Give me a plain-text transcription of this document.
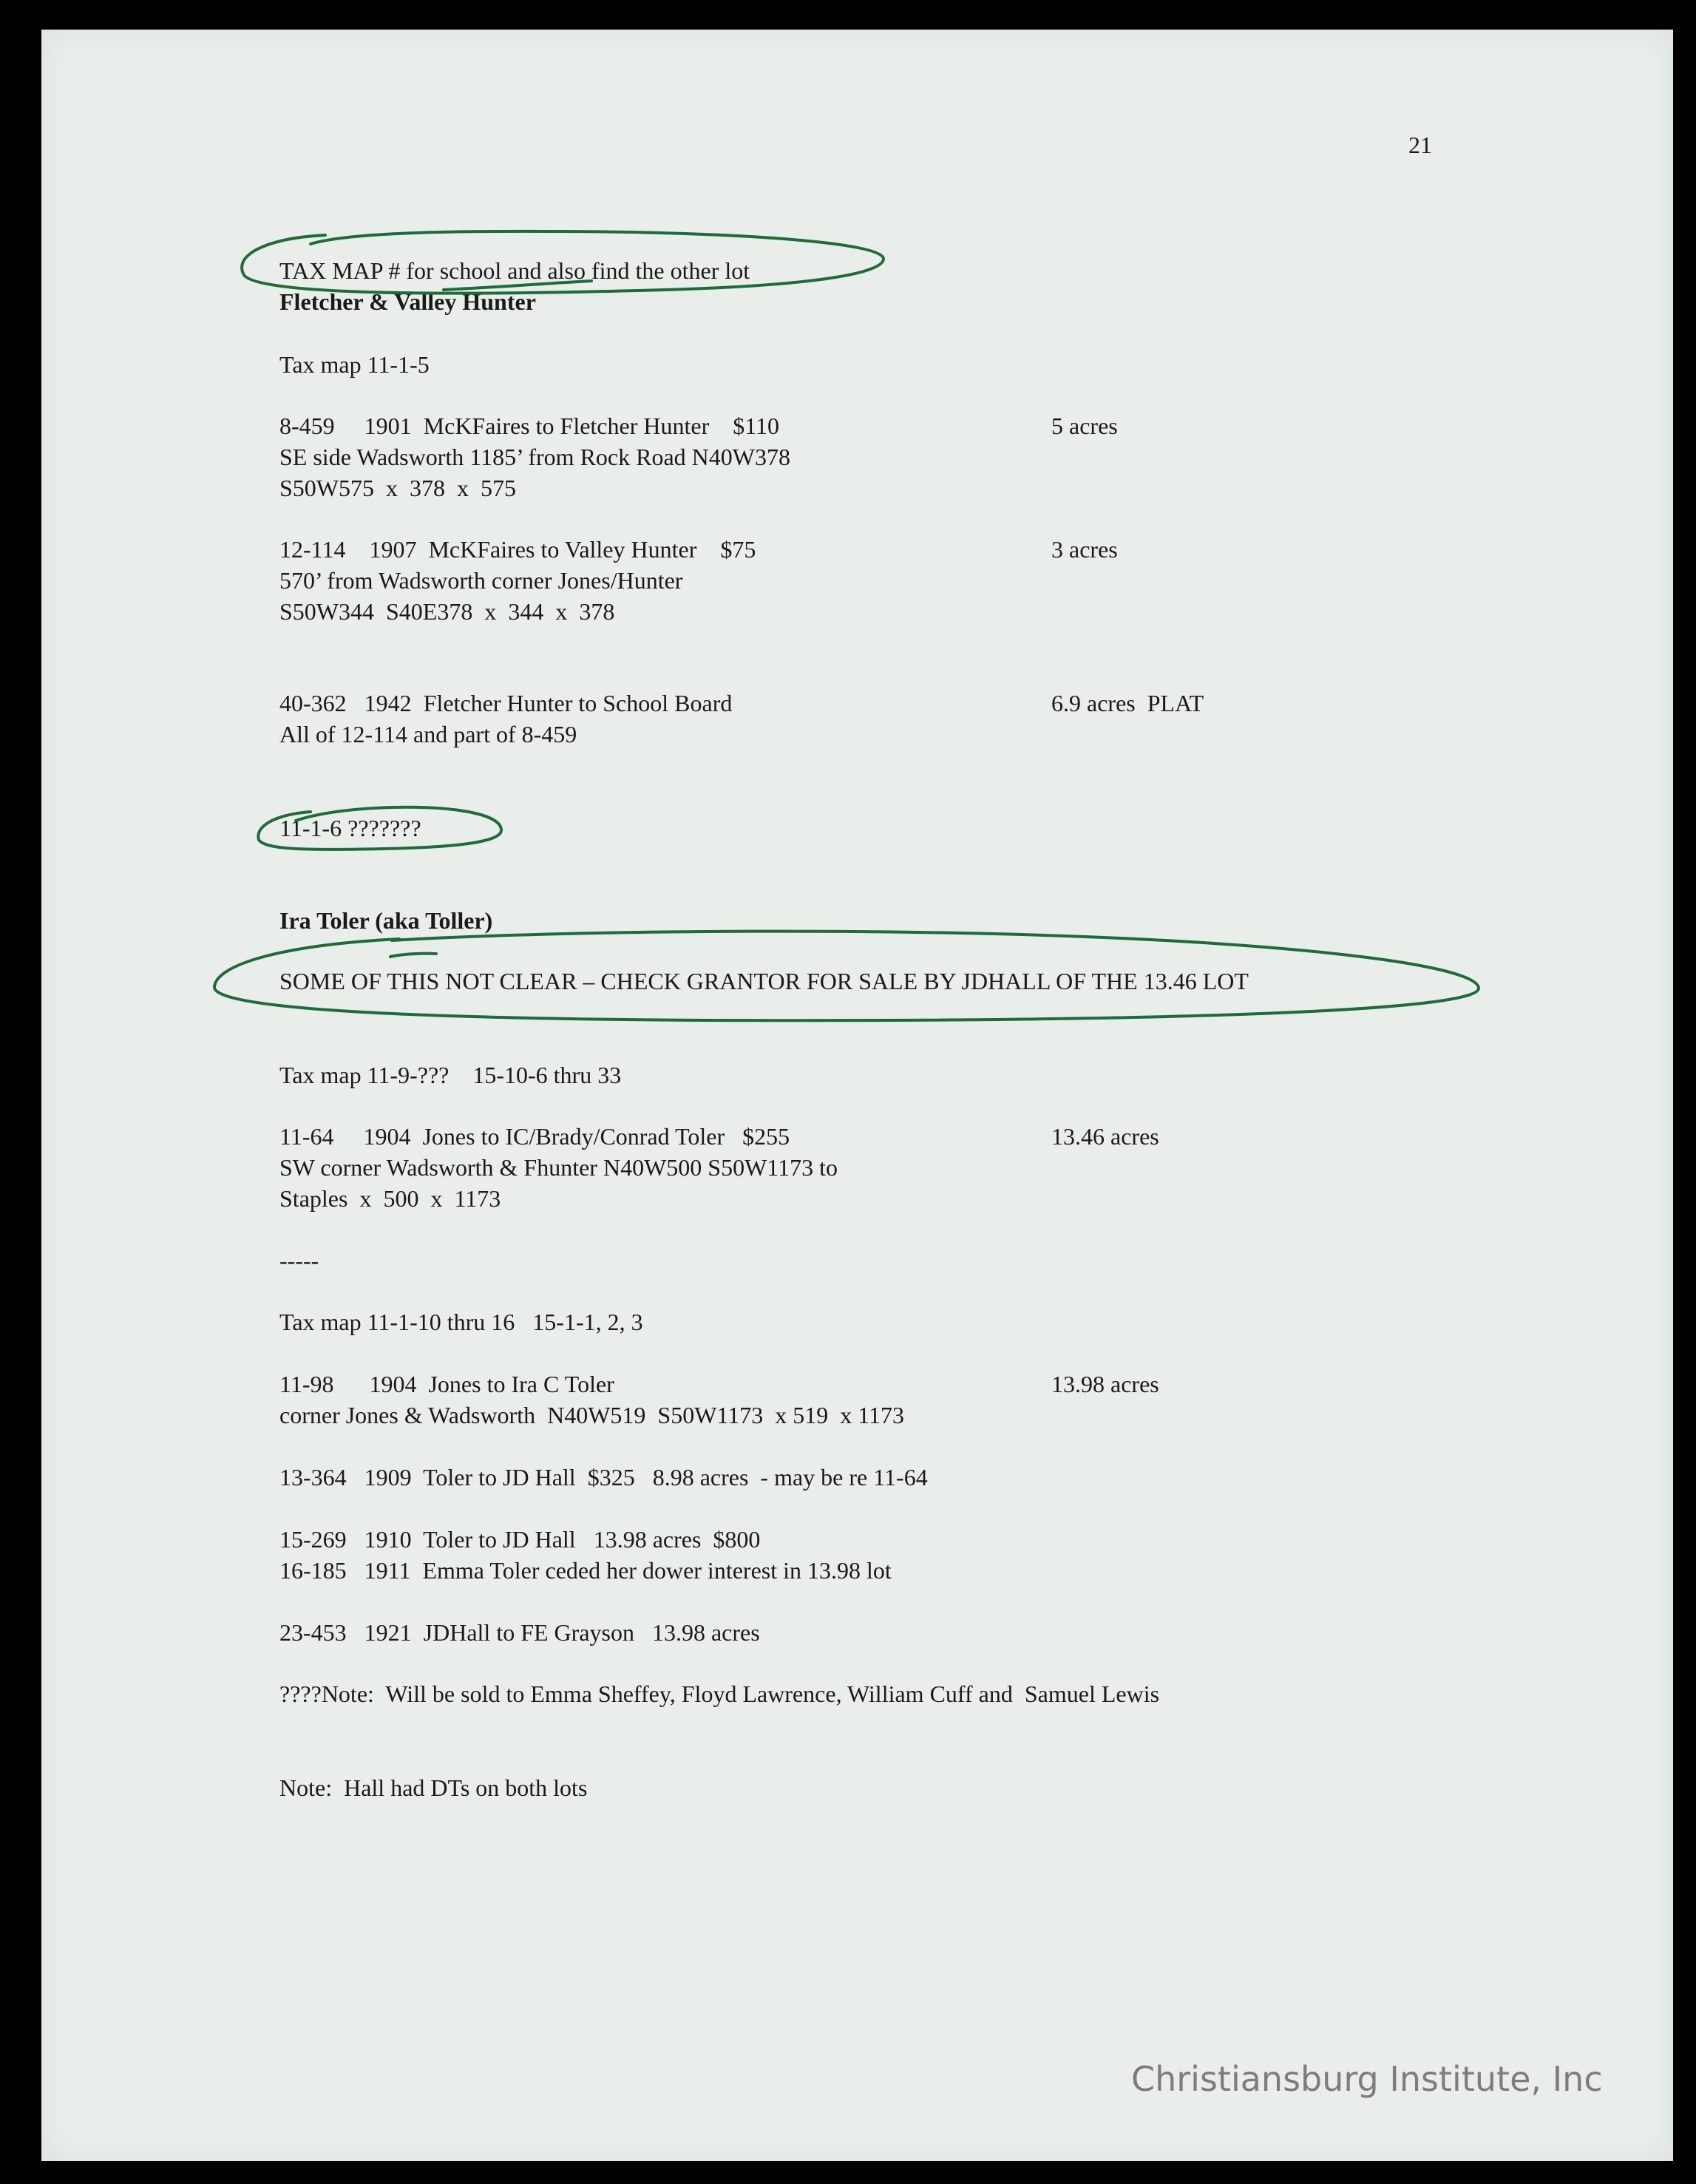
21
TAX MAP # for school and also find the other lot
Fletcher & Valley Hunter
Tax map 11-1-5
8-459     1901  McKFaires to Fletcher Hunter    $110	5 acres
SE side Wadsworth 1185’ from Rock Road N40W378
S50W575  x  378  x  575
12-114    1907  McKFaires to Valley Hunter    $75	3 acres
570’ from Wadsworth corner Jones/Hunter
S50W344  S40E378  x  344  x  378
40-362   1942  Fletcher Hunter to School Board	6.9 acres  PLAT
All of 12-114 and part of 8-459
11-1-6 ???????
Ira Toler (aka Toller)
SOME OF THIS NOT CLEAR – CHECK GRANTOR FOR SALE BY JDHALL OF THE 13.46 LOT
Tax map 11-9-???    15-10-6 thru 33
11-64     1904  Jones to IC/Brady/Conrad Toler   $255	13.46 acres
SW corner Wadsworth & Fhunter N40W500 S50W1173 to
Staples  x  500  x  1173
-----
Tax map 11-1-10 thru 16   15-1-1, 2, 3
11-98      1904  Jones to Ira C Toler	13.98 acres
corner Jones & Wadsworth  N40W519  S50W1173  x 519  x 1173
13-364   1909  Toler to JD Hall  $325   8.98 acres  - may be re 11-64
15-269   1910  Toler to JD Hall   13.98 acres  $800
16-185   1911  Emma Toler ceded her dower interest in 13.98 lot
23-453   1921  JDHall to FE Grayson   13.98 acres
????Note:  Will be sold to Emma Sheffey, Floyd Lawrence, William Cuff and  Samuel Lewis
Note:  Hall had DTs on both lots
Christiansburg Institute, Inc
